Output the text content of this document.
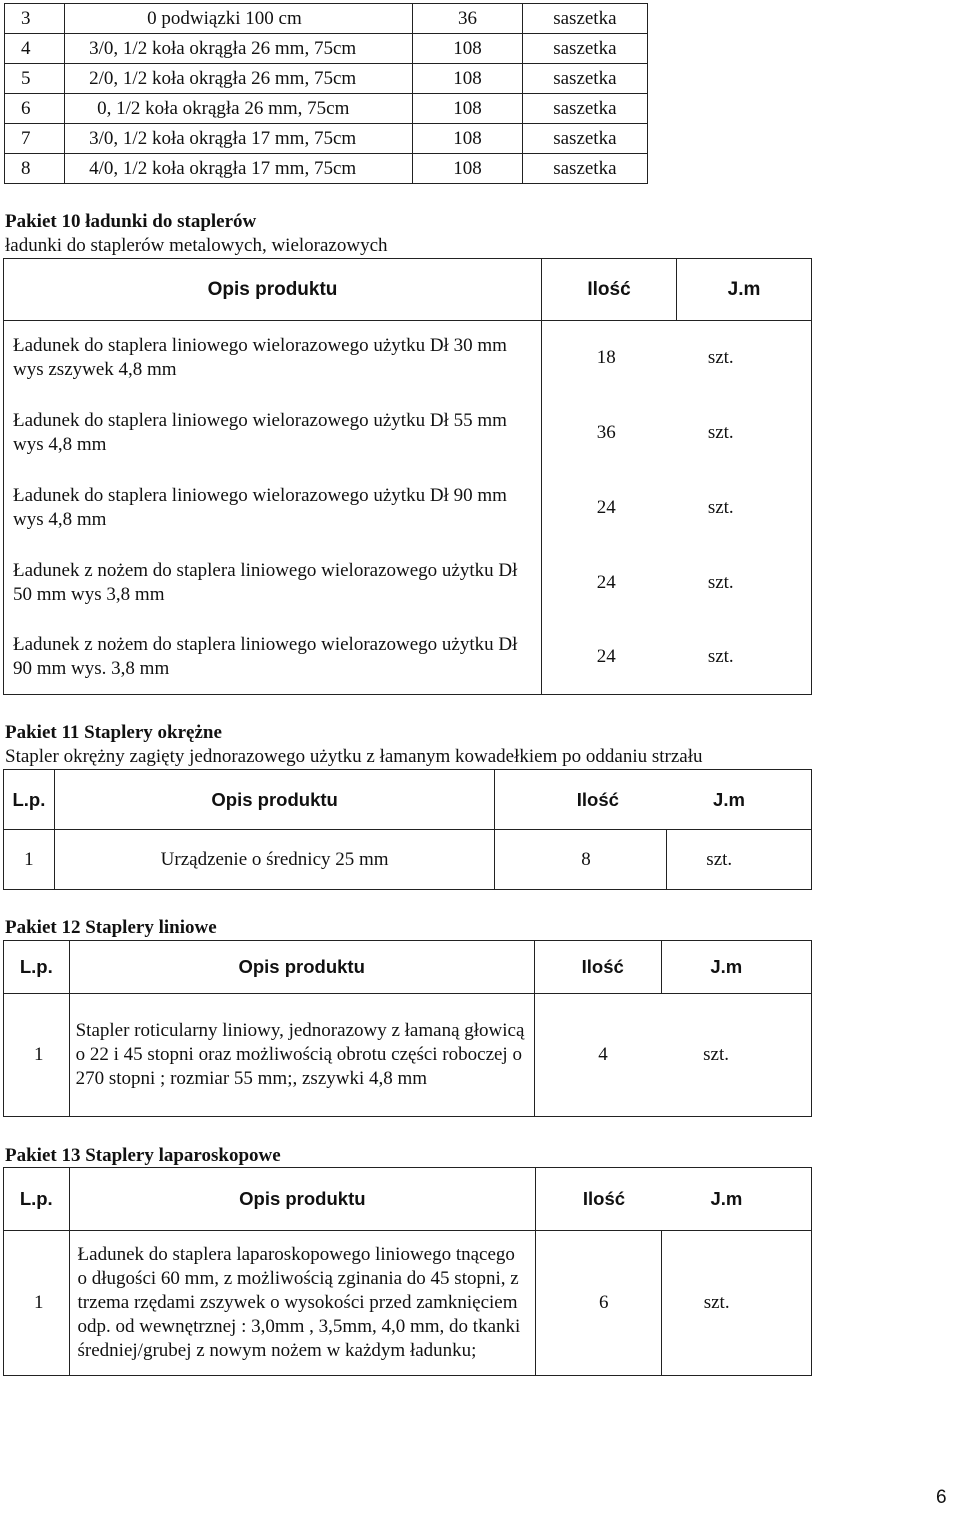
3	0 podwiązki 100 cm	36	saszetka
4	3/0, 1/2 koła okrągła 26 mm, 75cm	108	saszetka
5	2/0, 1/2 koła okrągła 26 mm, 75cm	108	saszetka
6	0, 1/2 koła okrągła 26 mm, 75cm	108	saszetka
7	3/0, 1/2 koła okrągła 17 mm, 75cm	108	saszetka
8	4/0, 1/2 koła okrągła 17 mm, 75cm	108	saszetka
Pakiet 10 ładunki do staplerów
ładunki do staplerów metalowych, wielorazowych
Opis produktu	Ilość	J.m
Ładunek do staplera liniowego wielorazowego użytku Dł 30 mm wys zszywek 4,8 mm	18	szt.
Ładunek do staplera liniowego wielorazowego użytku Dł 55 mm wys 4,8 mm	36	szt.
Ładunek do staplera liniowego wielorazowego użytku Dł 90 mm wys 4,8 mm	24	szt.
Ładunek z nożem do staplera liniowego wielorazowego użytku Dł 50 mm wys 3,8 mm	24	szt.
Ładunek z nożem do staplera liniowego wielorazowego użytku Dł 90 mm wys. 3,8 mm	24	szt.
Pakiet 11 Staplery okrężne
Stapler okrężny zagięty jednorazowego użytku z łamanym kowadełkiem po oddaniu strzału
L.p.	Opis produktu	Ilość	J.m
1	Urządzenie o średnicy 25 mm	8	szt.
Pakiet 12 Staplery liniowe
L.p.	Opis produktu	Ilość	J.m
1	Stapler roticularny liniowy, jednorazowy z łamaną głowicą o 22 i 45 stopni oraz możliwością obrotu części roboczej o 270 stopni ; rozmiar 55 mm;, zszywki 4,8 mm	4	szt.
Pakiet 13 Staplery laparoskopowe
L.p.	Opis produktu	Ilość	J.m
1	Ładunek do staplera laparoskopowego liniowego tnącego o długości 60 mm, z możliwością zginania do 45 stopni, z trzema rzędami zszywek o wysokości przed zamknięciem odp. od wewnętrznej : 3,0mm , 3,5mm, 4,0 mm, do tkanki średniej/grubej z nowym nożem w każdym ładunku;	6	szt.
6
